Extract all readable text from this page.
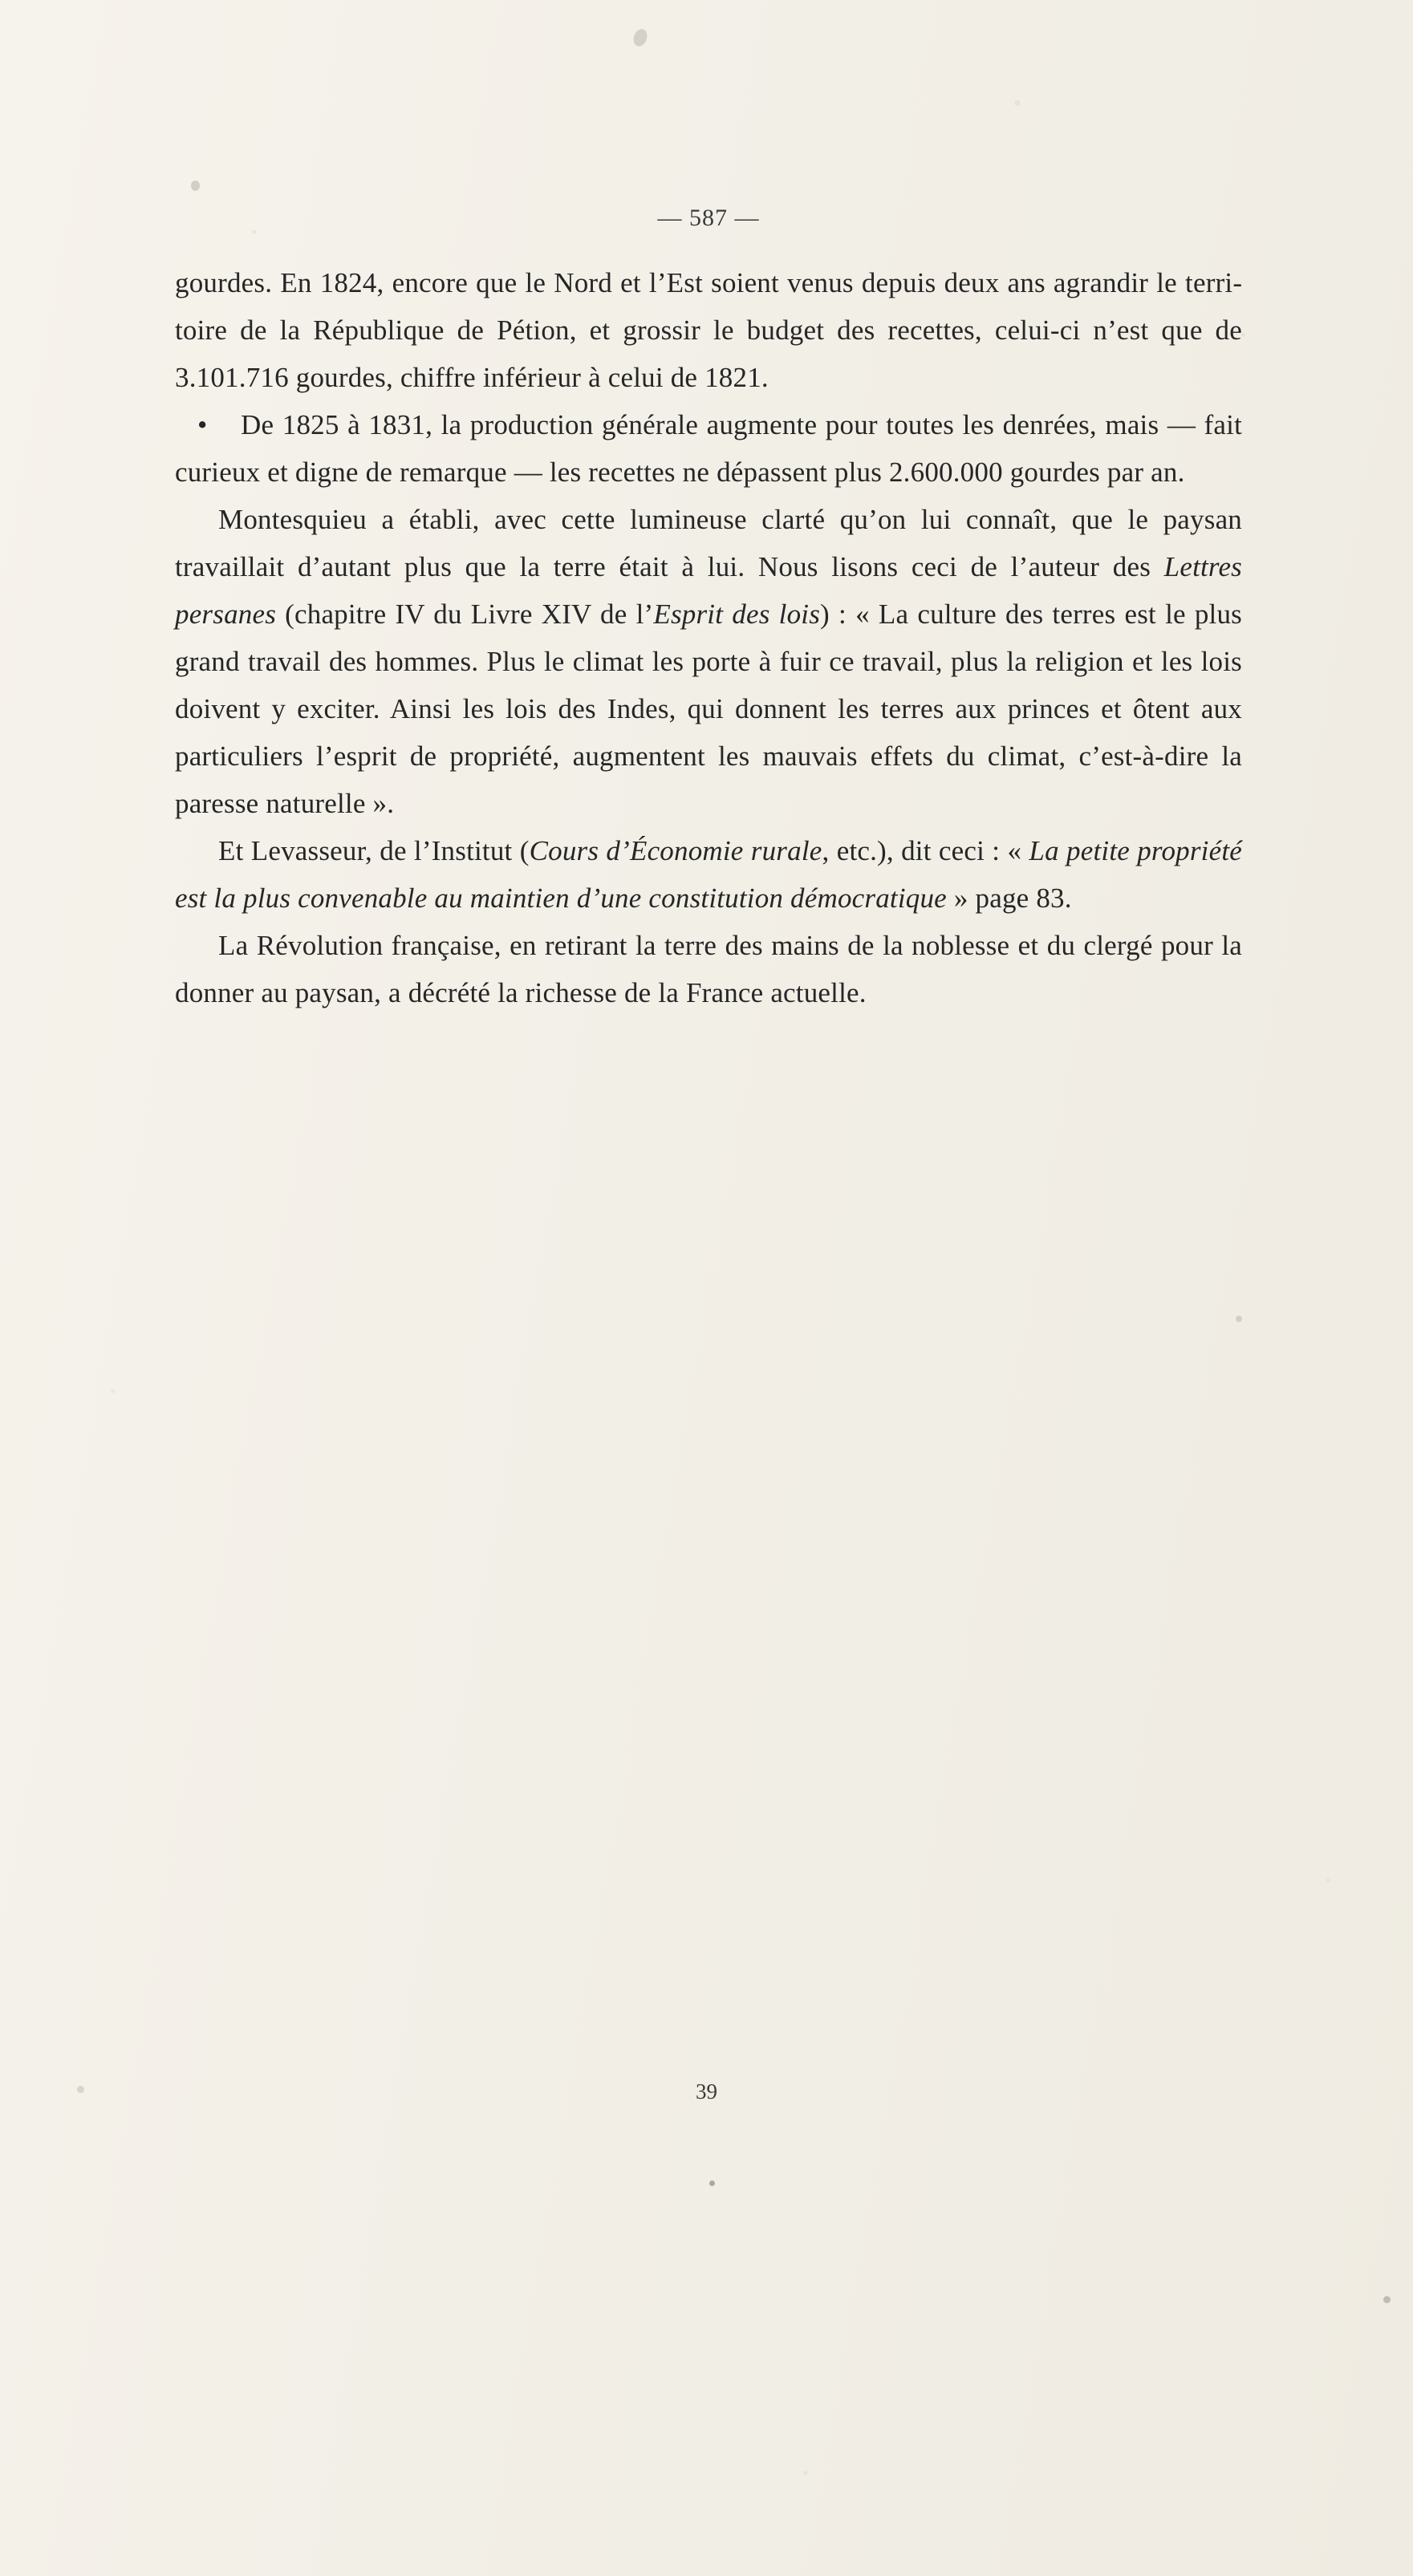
— 587 —

gourdes. En 1824, encore que le Nord et l’Est soient venus depuis deux ans agrandir le territoire de la République de Pétion, et grossir le budget des recettes, celui-ci n’est que de 3.101.716 gourdes, chiffre inférieur à celui de 1821.

• De 1825 à 1831, la production générale augmente pour toutes les denrées, mais — fait curieux et digne de remarque — les recettes ne dépassent plus 2.600.000 gourdes par an.

Montesquieu a établi, avec cette lumineuse clarté qu’on lui connaît, que le paysan travaillait d’autant plus que la terre était à lui. Nous lisons ceci de l’auteur des Lettres persanes (chapitre IV du Livre XIV de l’Esprit des lois) : « La culture des terres est le plus grand travail des hommes. Plus le climat les porte à fuir ce travail, plus la religion et les lois doivent y exciter. Ainsi les lois des Indes, qui donnent les terres aux princes et ôtent aux particuliers l’esprit de propriété, augmentent les mauvais effets du climat, c’est-à-dire la paresse naturelle ».

Et Levasseur, de l’Institut (Cours d’Économie rurale, etc.), dit ceci : « La petite propriété est la plus convenable au maintien d’une constitution démocratique » page 83.

La Révolution française, en retirant la terre des mains de la noblesse et du clergé pour la donner au paysan, a décrété la richesse de la France actuelle.

39
